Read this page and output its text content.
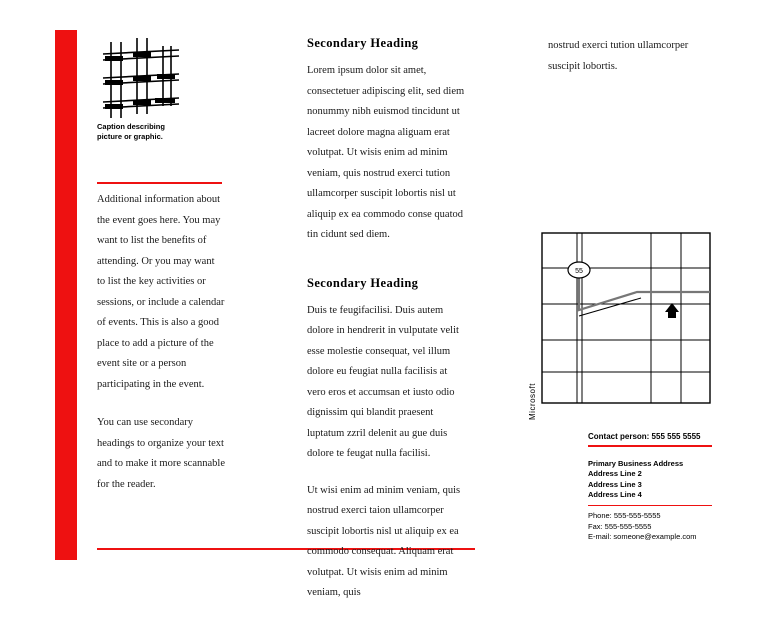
Main Inside Heading Caption describing picture or graphic.

Additional information about the event goes here. You may want to list the benefits of attending. Or you may want to list the key activities or sessions, or include a calendar of events. This is also a good place to add a picture of the event site or a person participating in the event.

You can use secondary headings to organize your text and to make it more scannable for the reader.

Secondary Heading

Lorem ipsum dolor sit amet, consectetuer adipiscing elit, sed diem nonummy nibh euismod tincidunt ut lacreet dolore magna aliguam erat volutpat. Ut wisis enim ad minim veniam, quis nostrud exerci tution ullamcorper suscipit lobortis nisl ut aliquip ex ea commodo conse quatod tin cidunt sed diem.

Secondary Heading

Duis te feugifacilisi. Duis autem dolore in hendrerit in vulputate velit esse molestie consequat, vel illum dolore eu feugiat nulla facilisis at vero eros et accumsan et iusto odio dignissim qui blandit praesent luptatum zzril delenit au gue duis dolore te feugat nulla facilisi.

Ut wisi enim ad minim veniam, quis nostrud exerci taion ullamcorper suscipit lobortis nisl ut aliquip ex ea commodo consequat. Aliquam erat volutpat. Ut wisis enim ad minim veniam, quis

nostrud exerci tution ullamcorper suscipit lobortis.

55
Microsoft
Contact person: 555 555 5555
Primary Business Address
Address Line 2
Address Line 3
Address Line 4
Phone: 555-555-5555
Fax: 555-555-5555
E-mail: someone@example.com
